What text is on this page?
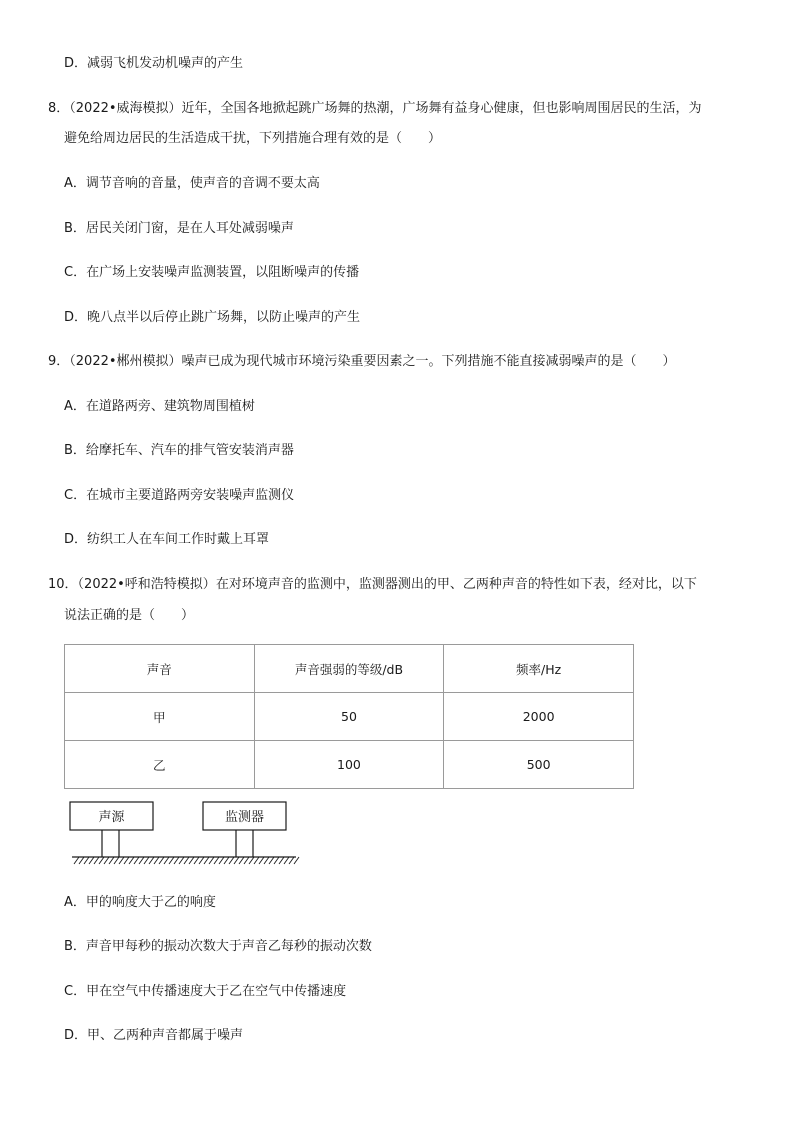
D．减弱飞机发动机噪声的产生
8．（2022•威海模拟）近年，全国各地掀起跳广场舞的热潮，广场舞有益身心健康，但也影响周围居民的生活，为
避免给周边居民的生活造成干扰，下列措施合理有效的是（　　）
A．调节音响的音量，使声音的音调不要太高
B．居民关闭门窗，是在人耳处减弱噪声
C．在广场上安装噪声监测装置，以阻断噪声的传播
D．晚八点半以后停止跳广场舞，以防止噪声的产生
9．（2022•郴州模拟）噪声已成为现代城市环境污染重要因素之一。下列措施不能直接减弱噪声的是（　　）
A．在道路两旁、建筑物周围植树
B．给摩托车、汽车的排气管安装消声器
C．在城市主要道路两旁安装噪声监测仪
D．纺织工人在车间工作时戴上耳罩
10．（2022•呼和浩特模拟）在对环境声音的监测中，监测器测出的甲、乙两种声音的特性如下表，经对比，以下
说法正确的是（　　）
声音	声音强弱的等级/dB	频率/Hz
甲	50	2000
乙	100	500
声源	监测器
A．甲的响度大于乙的响度
B．声音甲每秒的振动次数大于声音乙每秒的振动次数
C．甲在空气中传播速度大于乙在空气中传播速度
D．甲、乙两种声音都属于噪声
